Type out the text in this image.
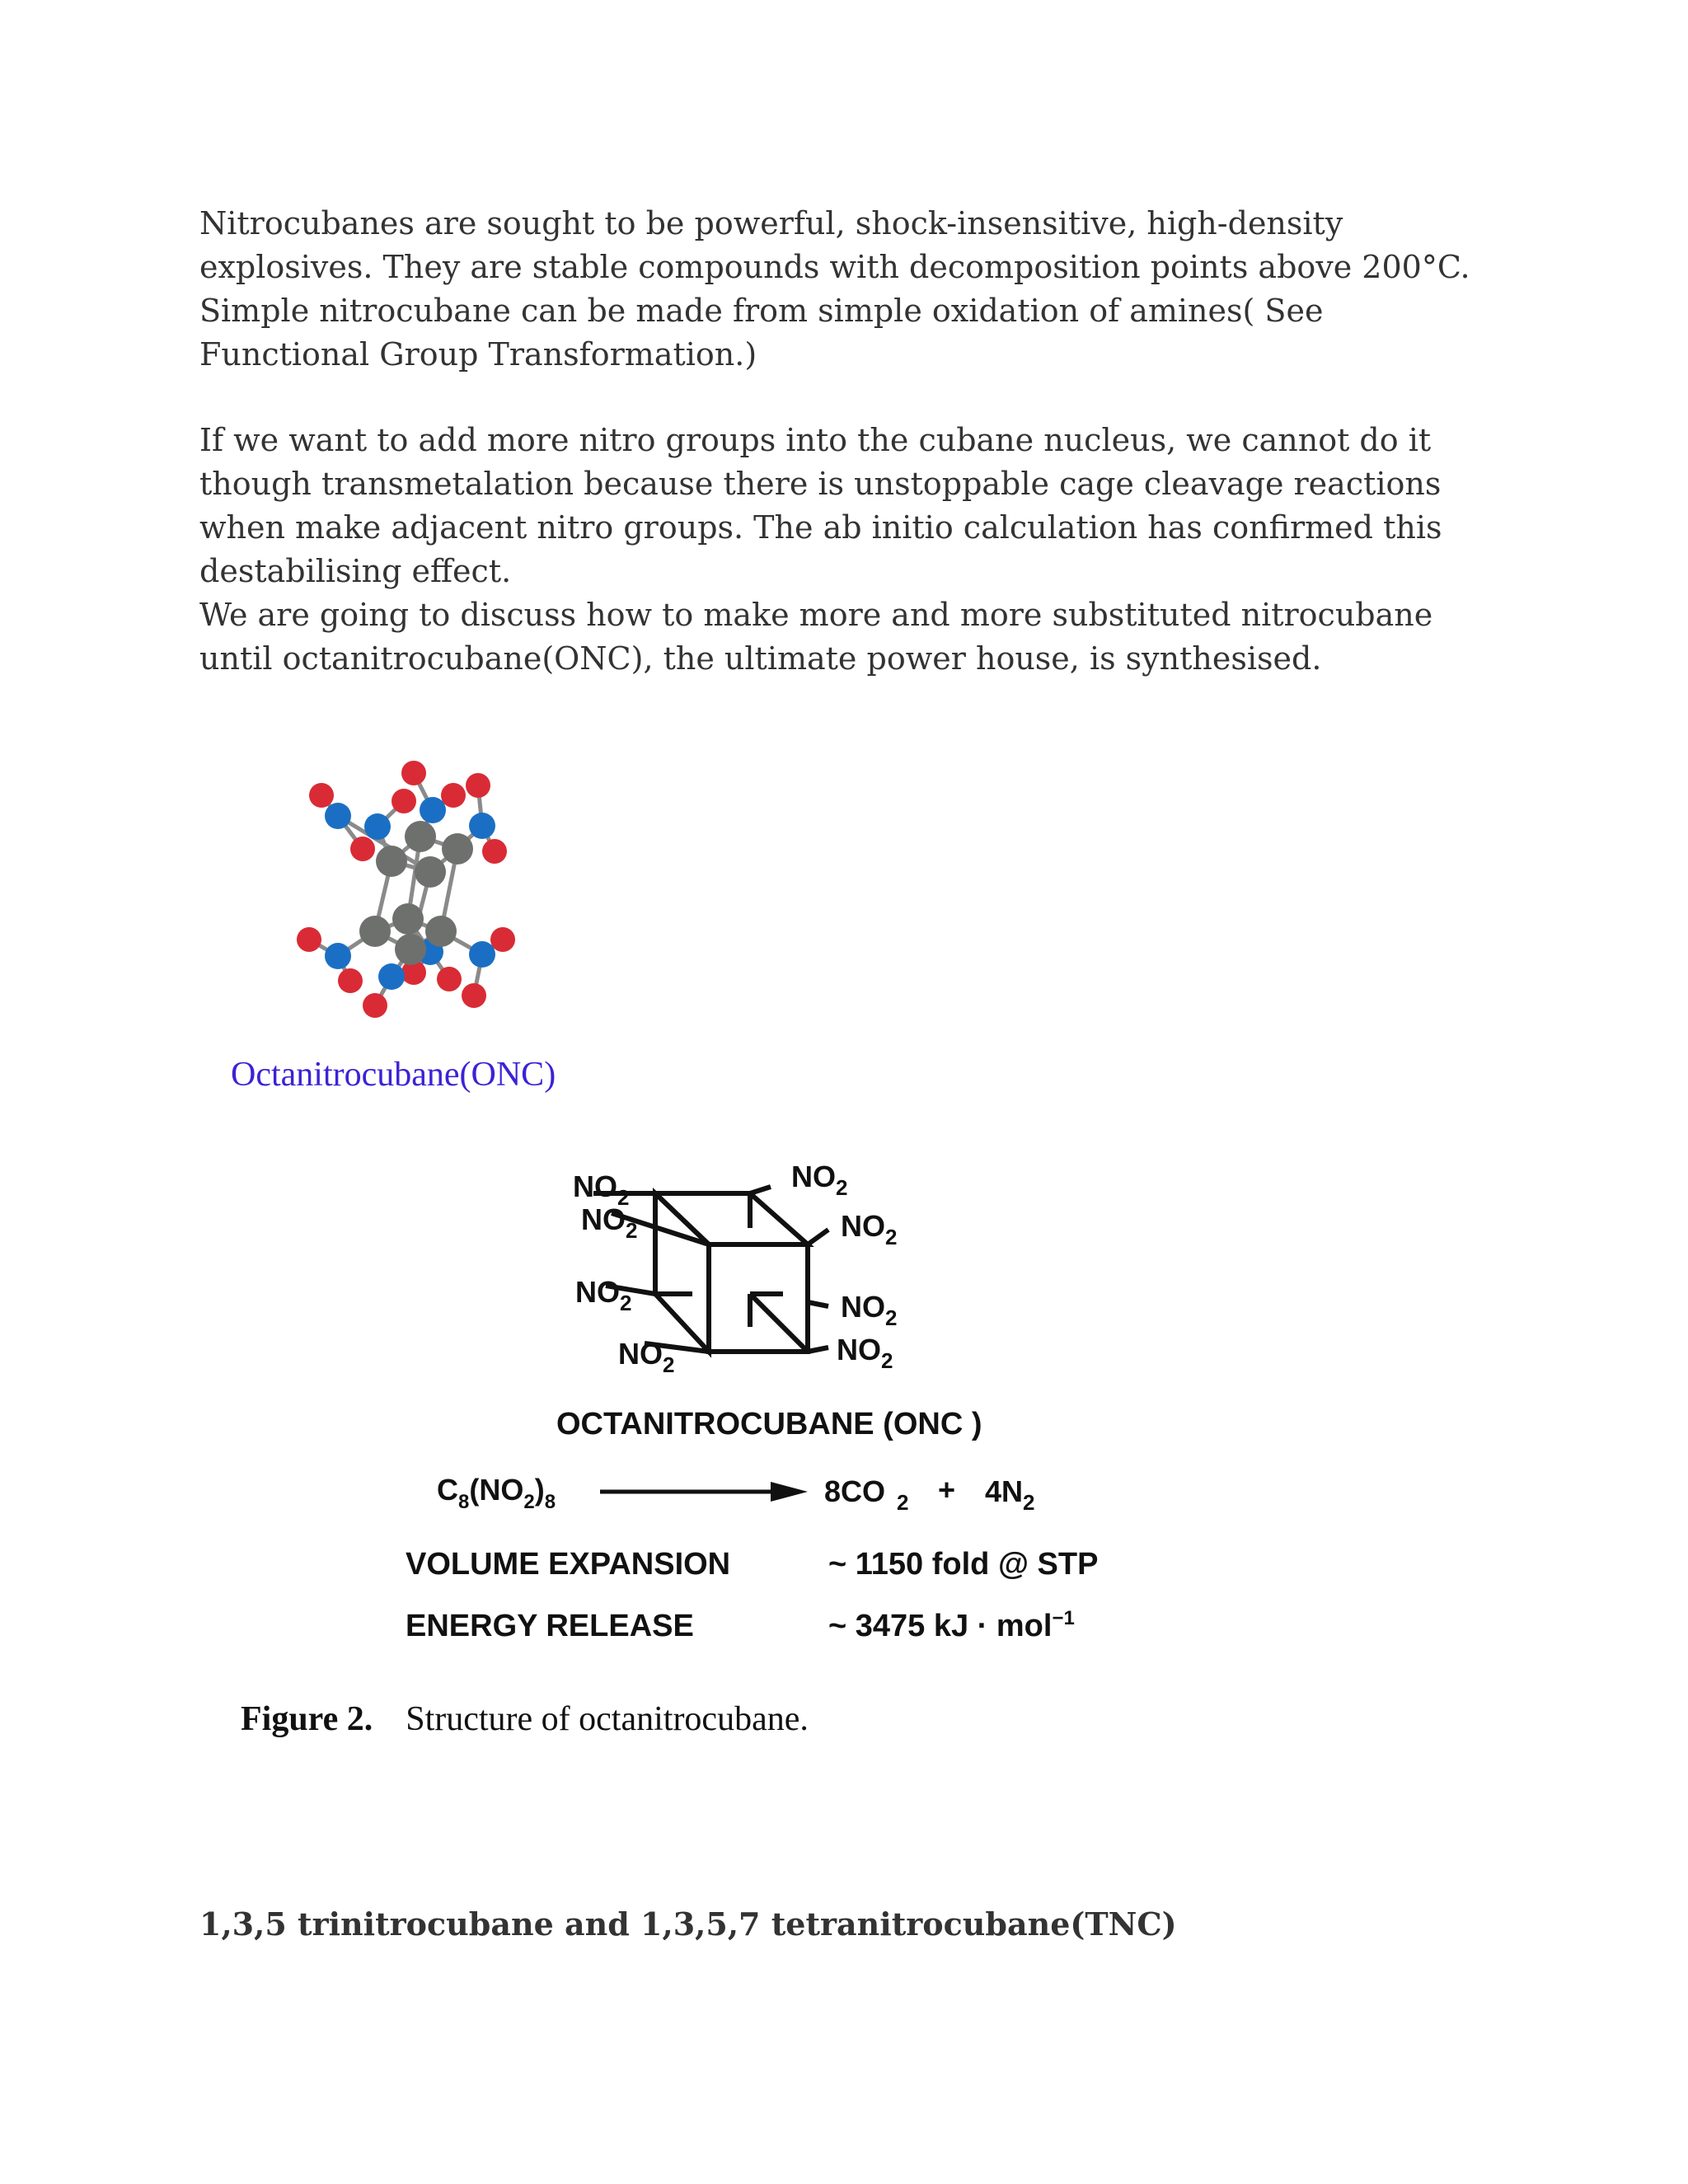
Nitrocubanes are sought to be powerful, shock-insensitive, high-density explosives. They are stable compounds with decomposition points above 200°C. Simple nitrocubane can be made from simple oxidation of amines( See Functional Group Transformation.)

If we want to add more nitro groups into the cubane nucleus, we cannot do it though transmetalation because there is unstoppable cage cleavage reactions when make adjacent nitro groups. The ab initio calculation has confirmed this destabilising effect.

We are going to discuss how to make more and more substituted nitrocubane until octanitrocubane(ONC), the ultimate power house, is synthesised.

Octanitrocubane(ONC)
$NO_2$
$NO_2$
$NO_2$
$NO_2$
$NO_2$	$NO_2$
$NO_2$	$NO_2$
OCTANITROCUBANE (ONC )
$C_8(NO_2)_8$	8CO $_2 + 4N_2$
VOLUME EXPANSION	~ 1150 fold @ STP
ENERGY RELEASE	~ 3475 kJ · mol$^{-1}$
Figure 2. Structure of octanitrocubane.
1,3,5 trinitrocubane and 1,3,5,7 tetranitrocubane(TNC)
